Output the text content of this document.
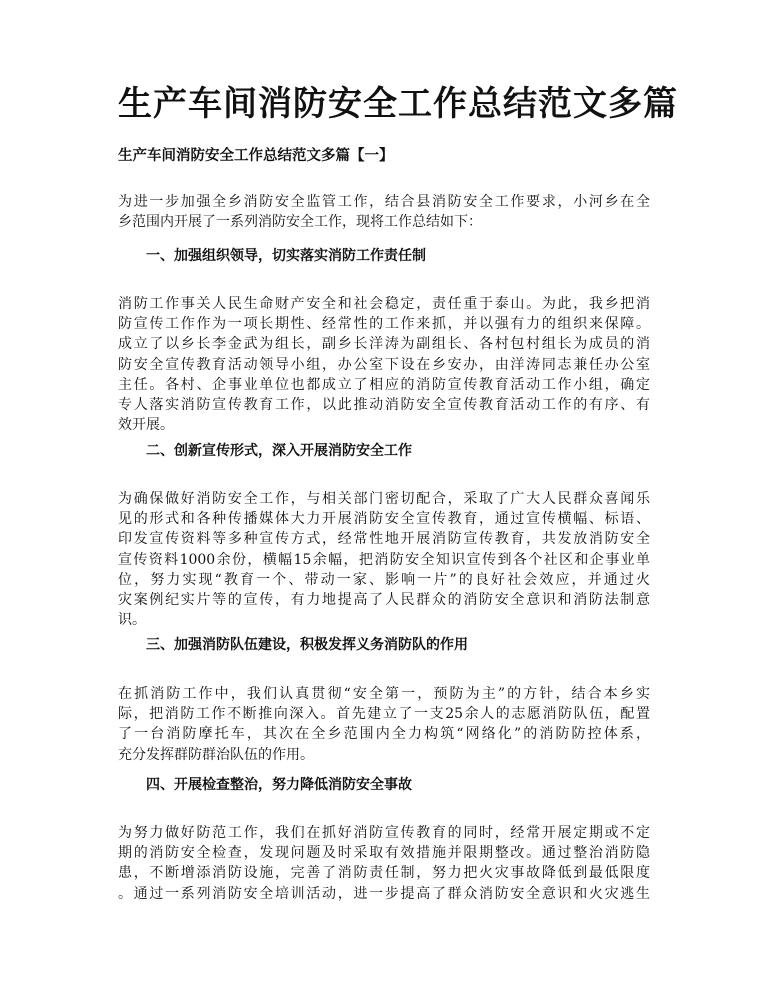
生产车间消防安全工作总结范文多篇
生产车间消防安全工作总结范文多篇【一】

为进一步加强全乡消防安全监管工作，结合县消防安全工作要求，小河乡在全
乡范围内开展了一系列消防安全工作，现将工作总结如下：

一、加强组织领导，切实落实消防工作责任制

消防工作事关人民生命财产安全和社会稳定，责任重于泰山。为此，我乡把消
防宣传工作作为一项长期性、经常性的工作来抓，并以强有力的组织来保障。
成立了以乡长李金武为组长，副乡长洋涛为副组长、各村包村组长为成员的消
防安全宣传教育活动领导小组，办公室下设在乡安办，由洋涛同志兼任办公室
主任。各村、企事业单位也都成立了相应的消防宣传教育活动工作小组，确定
专人落实消防宣传教育工作，以此推动消防安全宣传教育活动工作的有序、有
效开展。

二、创新宣传形式，深入开展消防安全工作

为确保做好消防安全工作，与相关部门密切配合，采取了广大人民群众喜闻乐
见的形式和各种传播媒体大力开展消防安全宣传教育，通过宣传横幅、标语、
印发宣传资料等多种宣传方式，经常性地开展消防宣传教育，共发放消防安全
宣传资料1000余份，横幅15余幅，把消防安全知识宣传到各个社区和企事业单
位，努力实现“教育一个、带动一家、影响一片”的良好社会效应，并通过火
灾案例纪实片等的宣传，有力地提高了人民群众的消防安全意识和消防法制意
识。

三、加强消防队伍建设，积极发挥义务消防队的作用

在抓消防工作中，我们认真贯彻“安全第一，预防为主”的方针，结合本乡实
际，把消防工作不断推向深入。首先建立了一支25余人的志愿消防队伍，配置
了一台消防摩托车，其次在全乡范围内全力构筑“网络化”的消防防控体系，
充分发挥群防群治队伍的作用。

四、开展检查整治，努力降低消防安全事故

为努力做好防范工作，我们在抓好消防宣传教育的同时，经常开展定期或不定
期的消防安全检查，发现问题及时采取有效措施并限期整改。通过整治消防隐
患，不断增添消防设施，完善了消防责任制，努力把火灾事故降低到最低限度
。通过一系列消防安全培训活动，进一步提高了群众消防安全意识和火灾逃生
